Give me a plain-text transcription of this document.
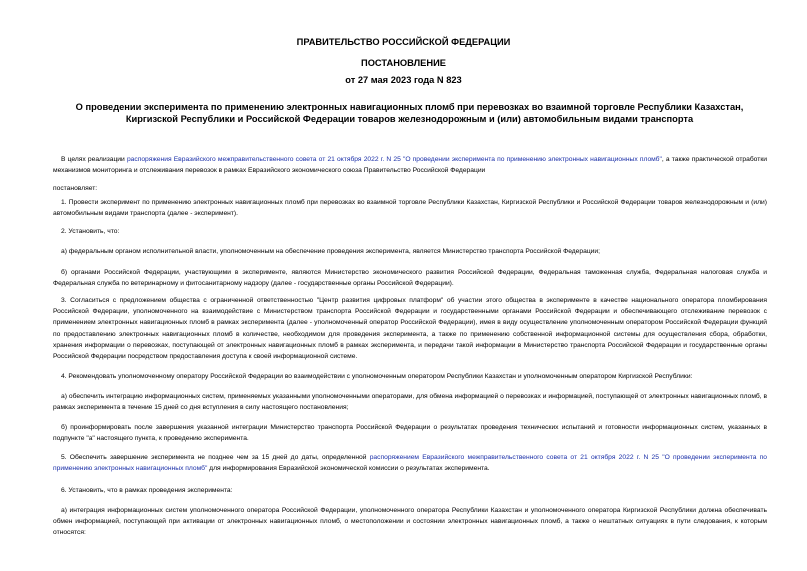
ПРАВИТЕЛЬСТВО РОССИЙСКОЙ ФЕДЕРАЦИИ
ПОСТАНОВЛЕНИЕ
от 27 мая 2023 года N 823
О проведении эксперимента по применению электронных навигационных пломб при перевозках во взаимной торговле Республики Казахстан, Киргизской Республики и Российской Федерации товаров железнодорожным и (или) автомобильным видами транспорта
В целях реализации распоряжения Евразийского межправительственного совета от 21 октября 2022 г. N 25 "О проведении эксперимента по применению электронных навигационных пломб", а также практической отработки механизмов мониторинга и отслеживания перевозок в рамках Евразийского экономического союза Правительство Российской Федерации
постановляет:
1. Провести эксперимент по применению электронных навигационных пломб при перевозках во взаимной торговле Республики Казахстан, Киргизской Республики и Российской Федерации товаров железнодорожным и (или) автомобильным видами транспорта (далее - эксперимент).
2. Установить, что:
а) федеральным органом исполнительной власти, уполномоченным на обеспечение проведения эксперимента, является Министерство транспорта Российской Федерации;
б) органами Российской Федерации, участвующими в эксперименте, являются Министерство экономического развития Российской Федерации, Федеральная таможенная служба, Федеральная налоговая служба и Федеральная служба по ветеринарному и фитосанитарному надзору (далее - государственные органы Российской Федерации).
3. Согласиться с предложением общества с ограниченной ответственностью "Центр развития цифровых платформ" об участии этого общества в эксперименте в качестве национального оператора пломбирования Российской Федерации, уполномоченного на взаимодействие с Министерством транспорта Российской Федерации и государственными органами Российской Федерации и обеспечивающего отслеживание перевозок с применением электронных навигационных пломб в рамках эксперимента (далее - уполномоченный оператор Российской Федерации), имея в виду осуществление уполномоченным оператором Российской Федерации функций по предоставлению электронных навигационных пломб в количестве, необходимом для проведения эксперимента, а также по применению собственной информационной системы для осуществления сбора, обработки, хранения информации о перевозках, поступающей от электронных навигационных пломб в рамках эксперимента, и передачи такой информации в Министерство транспорта Российской Федерации и государственные органы Российской Федерации посредством предоставления доступа к своей информационной системе.
4. Рекомендовать уполномоченному оператору Российской Федерации во взаимодействии с уполномоченным оператором Республики Казахстан и уполномоченным оператором Киргизской Республики:
а) обеспечить интеграцию информационных систем, применяемых указанными уполномоченными операторами, для обмена информацией о перевозках и информацией, поступающей от электронных навигационных пломб, в рамках эксперимента в течение 15 дней со дня вступления в силу настоящего постановления;
б) проинформировать после завершения указанной интеграции Министерство транспорта Российской Федерации о результатах проведения технических испытаний и готовности информационных систем, указанных в подпункте "а" настоящего пункта, к проведению эксперимента.
5. Обеспечить завершение эксперимента не позднее чем за 15 дней до даты, определенной распоряжением Евразийского межправительственного совета от 21 октября 2022 г. N 25 "О проведении эксперимента по применению электронных навигационных пломб" для информирования Евразийской экономической комиссии о результатах эксперимента.
6. Установить, что в рамках проведения эксперимента:
а) интеграция информационных систем уполномоченного оператора Российской Федерации, уполномоченного оператора Республики Казахстан и уполномоченного оператора Киргизской Республики должна обеспечивать обмен информацией, поступающей при активации от электронных навигационных пломб, о местоположении и состоянии электронных навигационных пломб, а также о нештатных ситуациях в пути следования, к которым относятся:
